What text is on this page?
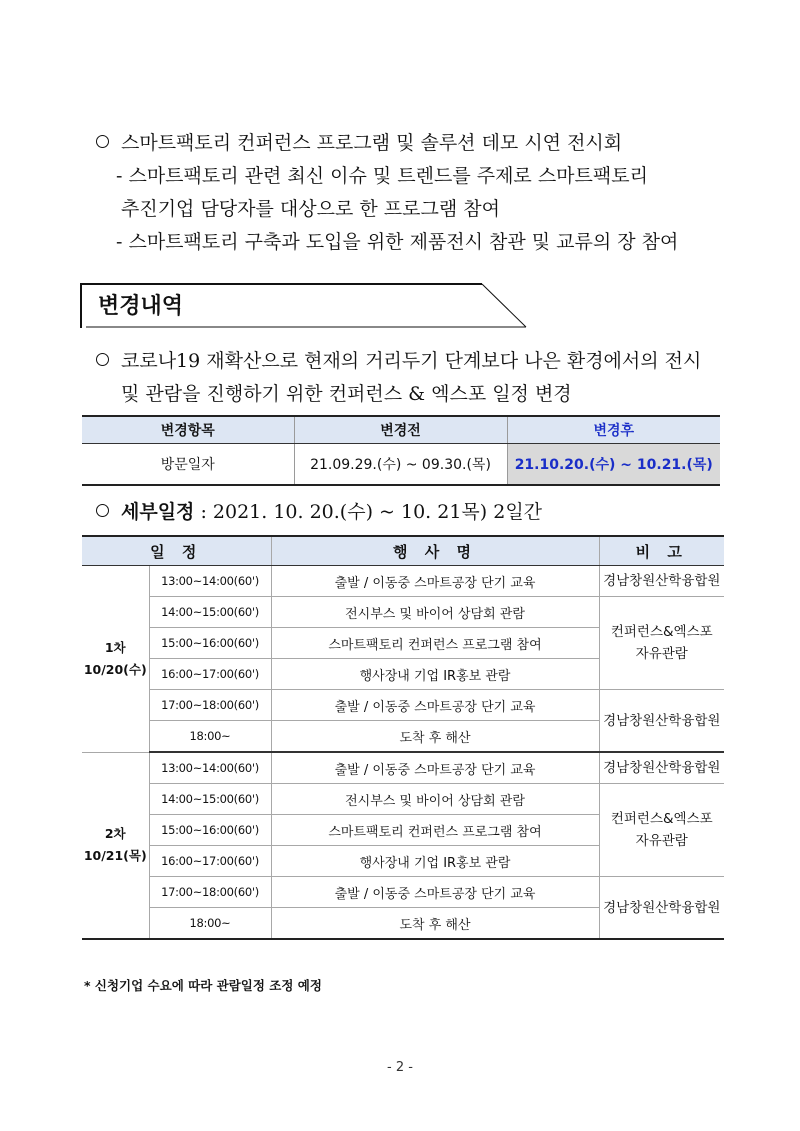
스마트팩토리 컨퍼런스 프로그램 및 솔루션 데모 시연 전시회
- 스마트팩토리 관련 최신 이슈 및 트렌드를 주제로 스마트팩토리
추진기업 담당자를 대상으로 한 프로그램 참여
- 스마트팩토리 구축과 도입을 위한 제품전시 참관 및 교류의 장 참여
변경내역
코로나19 재확산으로 현재의 거리두기 단계보다 나은 환경에서의 전시
및 관람을 진행하기 위한 컨퍼런스 & 엑스포 일정 변경
변경항목	변경전	변경후
방문일자	21.09.29.(수) ~ 09.30.(목)	21.10.20.(수) ~ 10.21.(목)
세부일정 : 2021. 10. 20.(수) ~ 10. 21목) 2일간
일 정		행 사 명	비 고

1차
10/20(수)	13:00~14:00(60')	출발 / 이동중 스마트공장 단기 교육	경남창원산학융합원
	14:00~15:00(60')	전시부스 및 바이어 상담회 관람	컨퍼런스&엑스포
자유관람

	15:00~16:00(60')	스마트팩토리 컨퍼런스 프로그램 참여	
	16:00~17:00(60')	행사장내 기업 IR홍보 관람	
	17:00~18:00(60')	출발 / 이동중 스마트공장 단기 교육	경남창원산학융합원
	18:00~	도착 후 해산	

2차
10/21(목)	13:00~14:00(60')	출발 / 이동중 스마트공장 단기 교육	경남창원산학융합원
	14:00~15:00(60')	전시부스 및 바이어 상담회 관람	컨퍼런스&엑스포
자유관람

	15:00~16:00(60')	스마트팩토리 컨퍼런스 프로그램 참여	
	16:00~17:00(60')	행사장내 기업 IR홍보 관람	
	17:00~18:00(60')	출발 / 이동중 스마트공장 단기 교육	경남창원산학융합원
	18:00~	도착 후 해산	
* 신청기업 수요에 따라 관람일정 조정 예정
- 2 -
